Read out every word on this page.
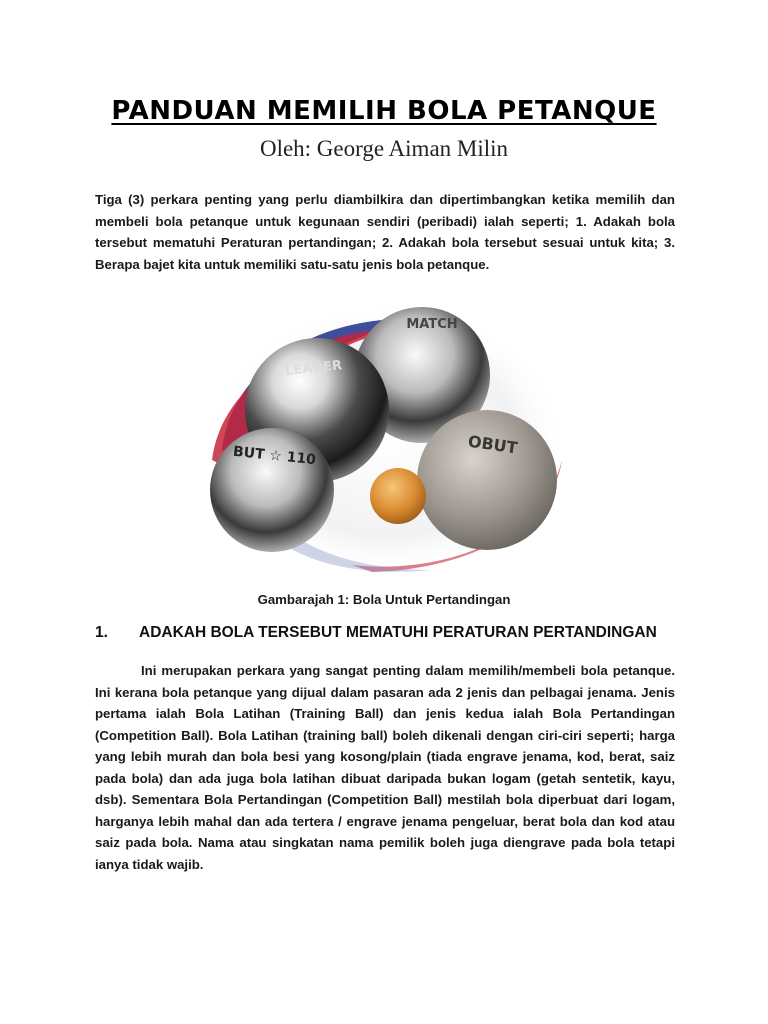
PANDUAN MEMILIH BOLA PETANQUE
Oleh: George Aiman Milin
Tiga (3) perkara penting yang perlu diambilkira dan dipertimbangkan ketika memilih dan membeli bola petanque untuk kegunaan sendiri (peribadi) ialah seperti; 1. Adakah bola tersebut mematuhi Peraturan pertandingan; 2. Adakah bola tersebut sesuai untuk kita; 3. Berapa bajet kita untuk memiliki satu-satu jenis bola petanque.
MATCH
LEADER
OBUT
BUT ☆ 110
Gambarajah 1: Bola Untuk Pertandingan
1. ADAKAH BOLA TERSEBUT MEMATUHI PERATURAN PERTANDINGAN
Ini merupakan perkara yang sangat penting dalam memilih/membeli bola petanque. Ini kerana bola petanque yang dijual dalam pasaran ada 2 jenis dan pelbagai jenama. Jenis pertama ialah Bola Latihan (Training Ball) dan jenis kedua ialah Bola Pertandingan (Competition Ball). Bola Latihan (training ball) boleh dikenali dengan ciri-ciri seperti; harga yang lebih murah dan bola besi yang kosong/plain (tiada engrave jenama, kod, berat, saiz pada bola) dan ada juga bola latihan dibuat daripada bukan logam (getah sentetik, kayu, dsb). Sementara Bola Pertandingan (Competition Ball) mestilah bola diperbuat dari logam, harganya lebih mahal dan ada tertera / engrave jenama pengeluar, berat bola dan kod atau saiz pada bola. Nama atau singkatan nama pemilik boleh juga diengrave pada bola tetapi ianya tidak wajib.
